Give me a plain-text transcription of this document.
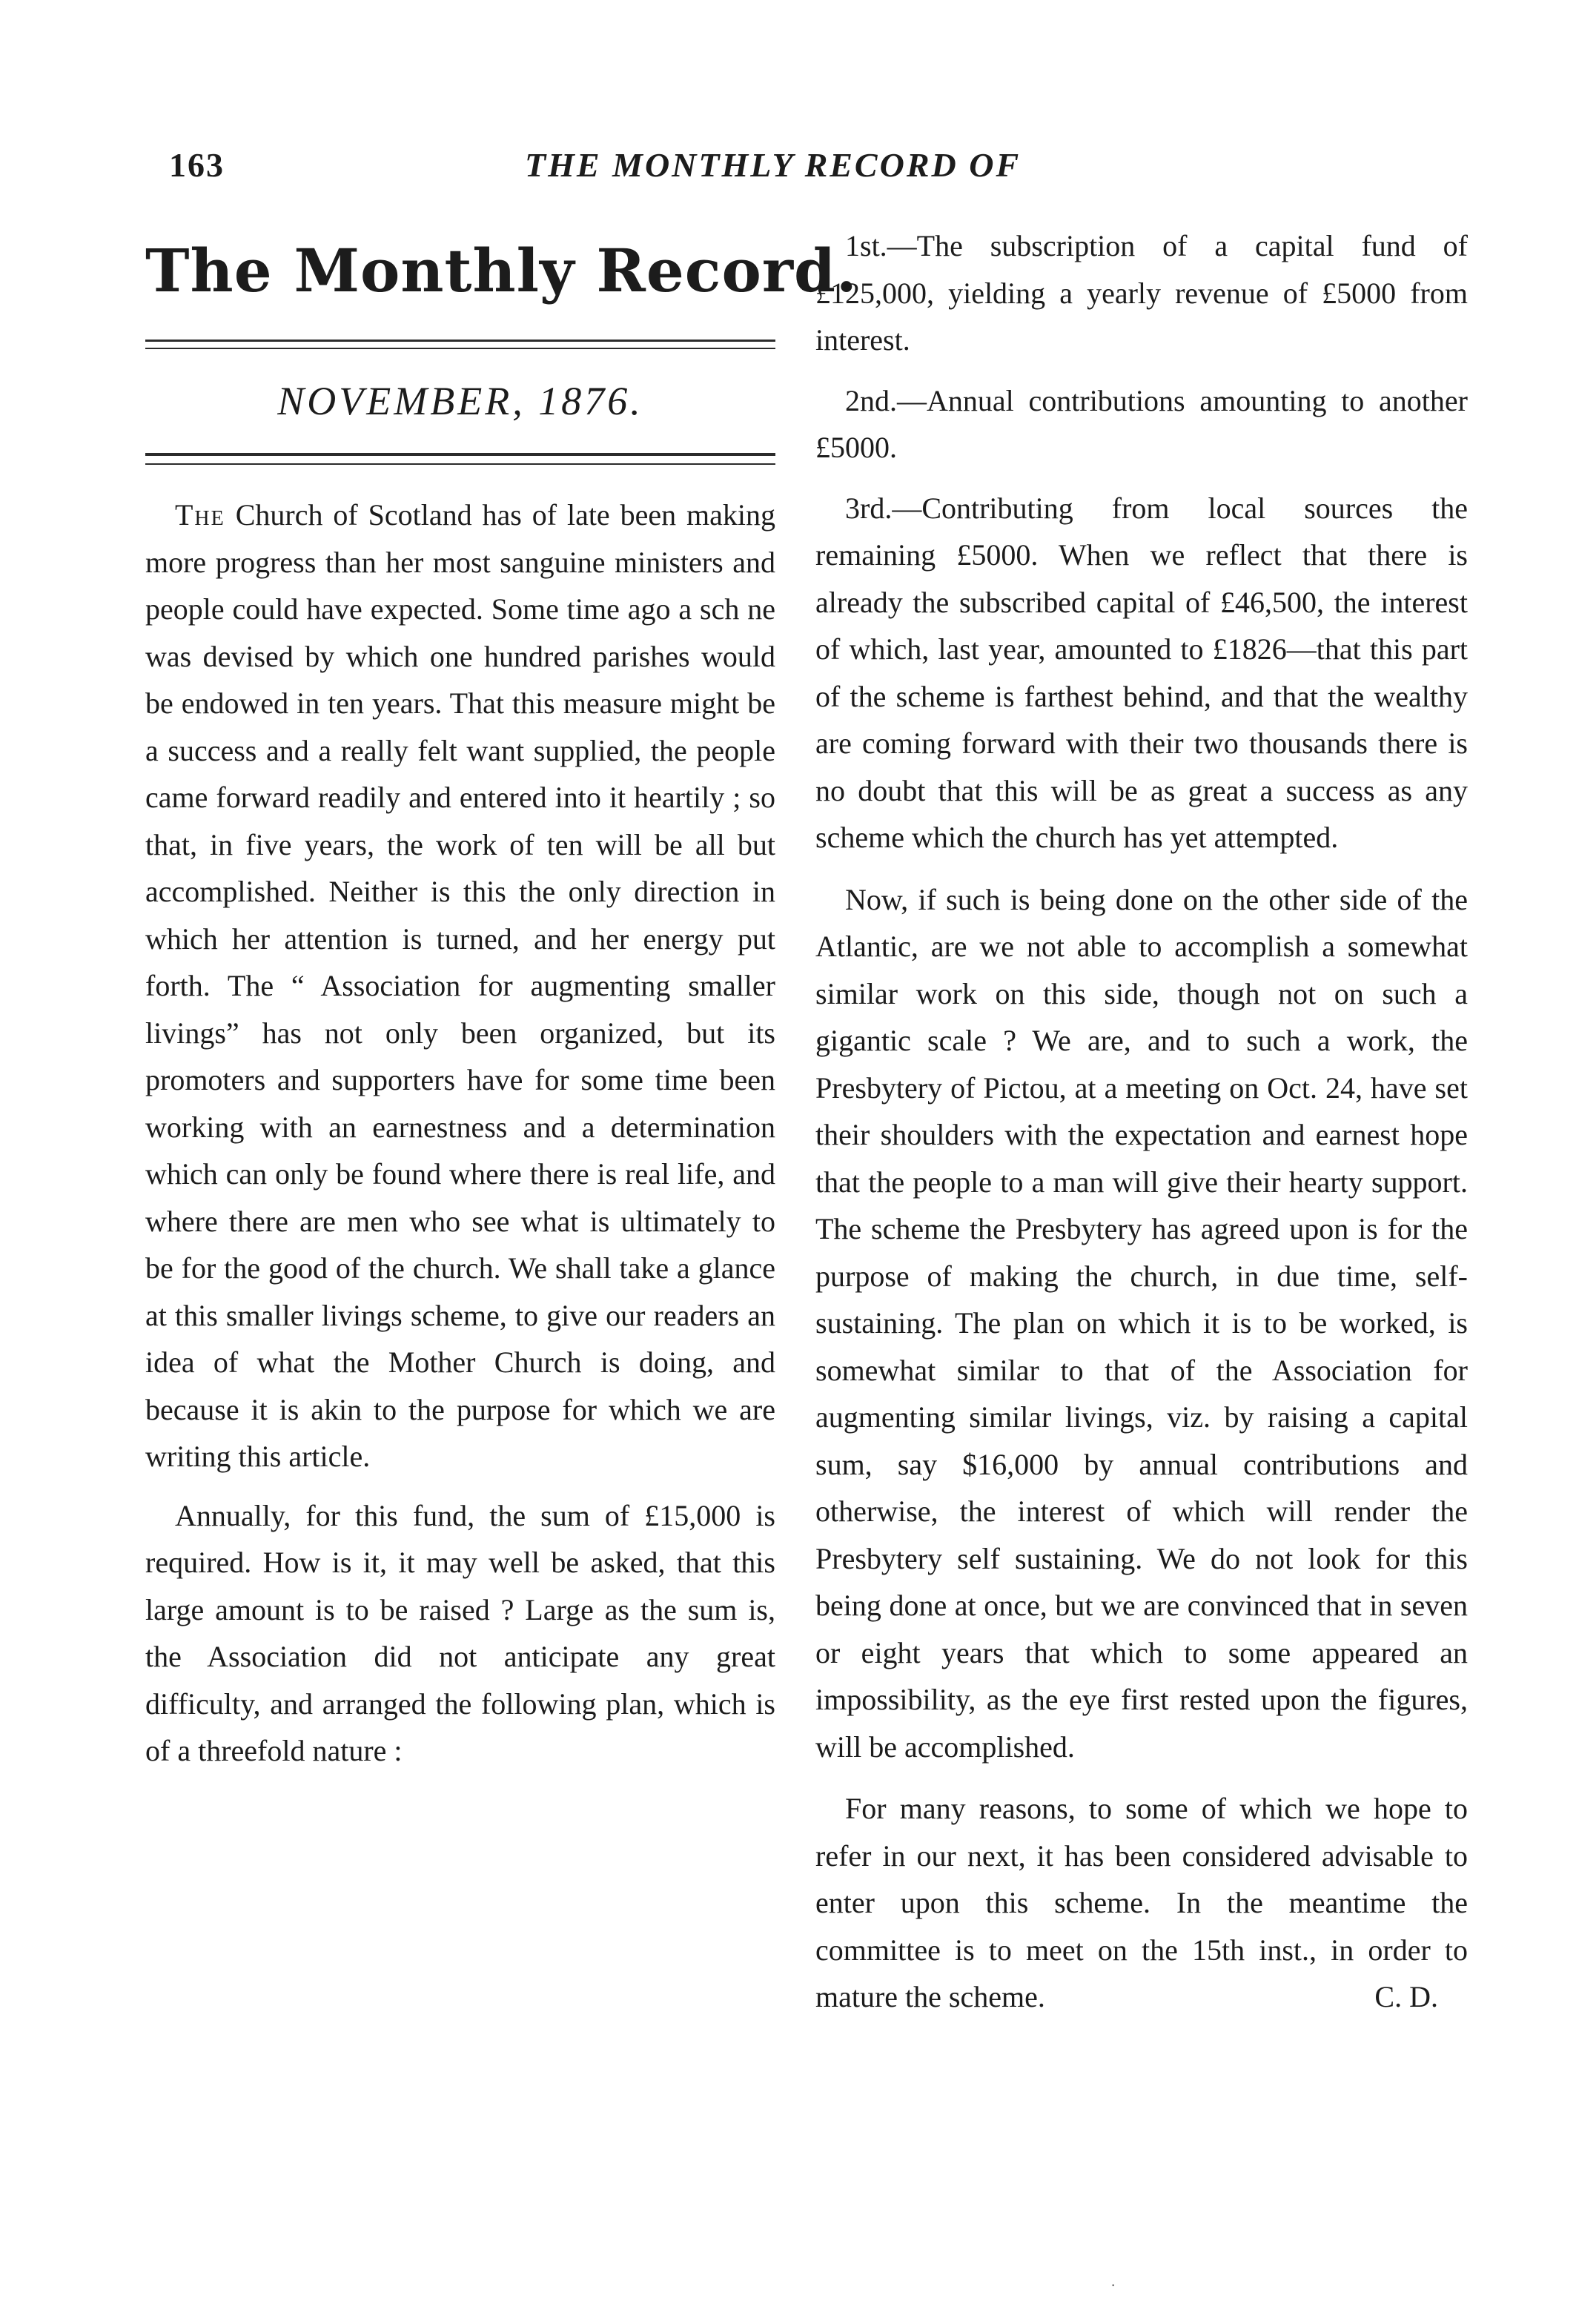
163	THE MONTHLY RECORD OF
The Monthly Record.
NOVEMBER, 1876.

The Church of Scotland has of late been making more progress than her most sanguine ministers and people could have expected. Some time ago a sch ne was devised by which one hundred parishes would be endowed in ten years. That this measure might be a success and a really felt want supplied, the people came forward readily and entered into it heartily ; so that, in five years, the work of ten will be all but accomplished. Neither is this the only direction in which her attention is turned, and her energy put forth. The “ Association for augmenting smaller livings” has not only been organized, but its promoters and supporters have for some time been working with an earnestness and a determination which can only be found where there is real life, and where there are men who see what is ultimately to be for the good of the church. We shall take a glance at this smaller livings scheme, to give our readers an idea of what the Mother Church is doing, and because it is akin to the purpose for which we are writing this article.

Annually, for this fund, the sum of £15,000 is required. How is it, it may well be asked, that this large amount is to be raised ? Large as the sum is, the Association did not anticipate any great difficulty, and arranged the following plan, which is of a threefold nature :

1st.—The subscription of a capital fund of £125,000, yielding a yearly revenue of £5000 from interest.

2nd.—Annual contributions amounting to another £5000.

3rd.—Contributing from local sources the remaining £5000. When we reflect that there is already the subscribed capital of £46,500, the interest of which, last year, amounted to £1826—that this part of the scheme is farthest behind, and that the wealthy are coming forward with their two thousands there is no doubt that this will be as great a success as any scheme which the church has yet attempted.

Now, if such is being done on the other side of the Atlantic, are we not able to accomplish a somewhat similar work on this side, though not on such a gigantic scale ? We are, and to such a work, the Presbytery of Pictou, at a meeting on Oct. 24, have set their shoulders with the expectation and earnest hope that the people to a man will give their hearty support. The scheme the Presbytery has agreed upon is for the purpose of making the church, in due time, self-sustaining. The plan on which it is to be worked, is somewhat similar to that of the Association for augmenting similar livings, viz. by raising a capital sum, say $16,000 by annual contributions and otherwise, the interest of which will render the Presbytery self sustaining. We do not look for this being done at once, but we are convinced that in seven or eight years that which to some appeared an impossibility, as the eye first rested upon the figures, will be accomplished.

For many reasons, to some of which we hope to refer in our next, it has been considered advisable to enter upon this scheme. In the meantime the committee is to meet on the 15th inst., in order to mature the scheme.	C. D.

·
